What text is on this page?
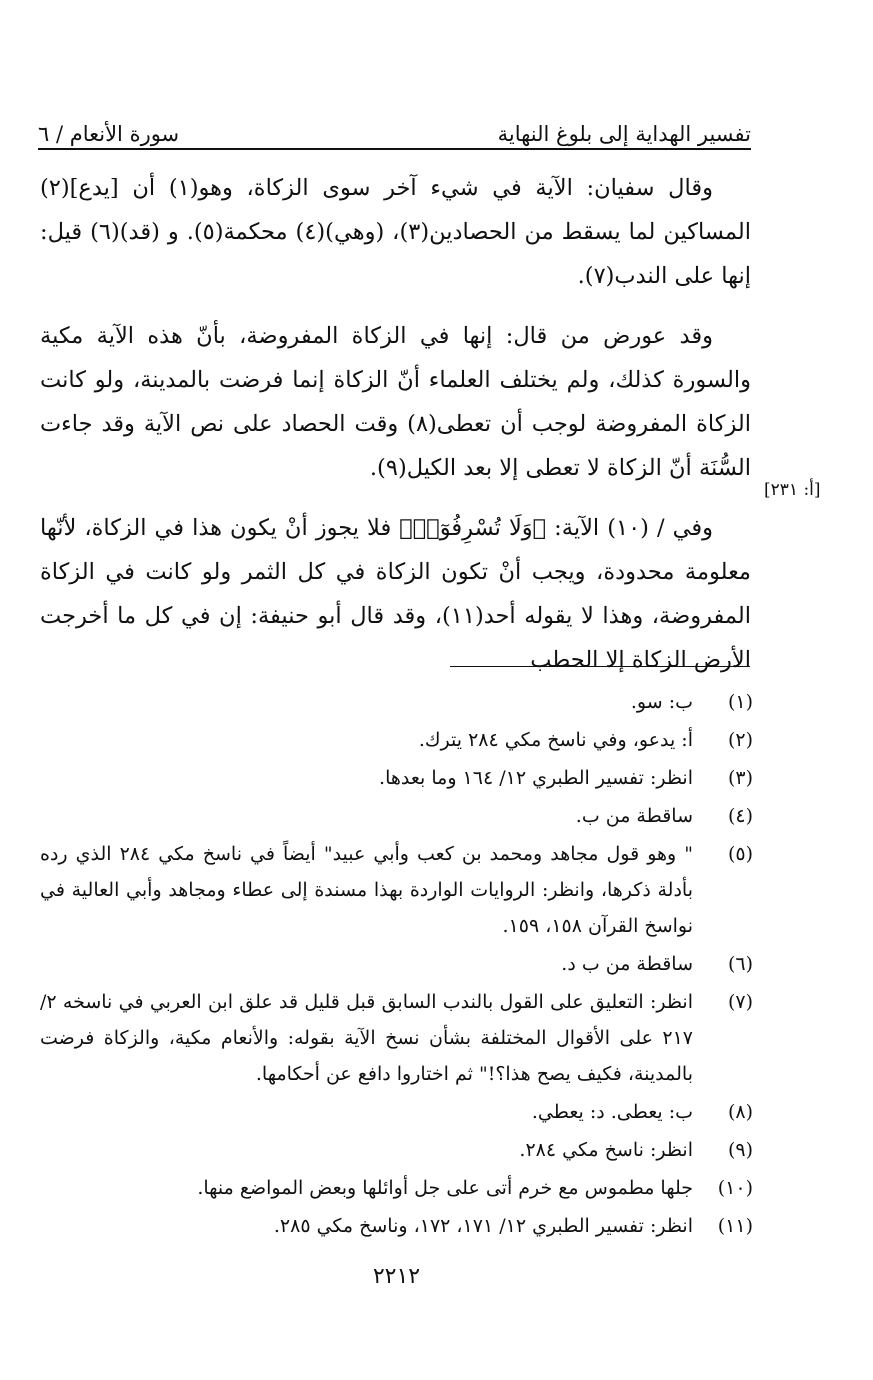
تفسير الهداية إلى بلوغ النهاية
سورة الأنعام / ٦

وقال سفيان: الآية في شيء آخر سوى الزكاة، وهو(١) أن [يدع](٢) المساكين لما يسقط من الحصادين(٣)، (وهي)(٤) محكمة(٥). و (قد)(٦) قيل: إنها على الندب(٧).

وقد عورض من قال: إنها في الزكاة المفروضة، بأنّ هذه الآية مكية والسورة كذلك، ولم يختلف العلماء أنّ الزكاة إنما فرضت بالمدينة، ولو كانت الزكاة المفروضة لوجب أن تعطى(٨) وقت الحصاد على نص الآية وقد جاءت السُّنَة أنّ الزكاة لا تعطى إلا بعد الكيل(٩).

وفي / (١٠) الآية: ﴿وَلَا تُسْرِفُوٓا۟﴾ فلا يجوز أنْ يكون هذا في الزكاة، لأنّها معلومة محدودة، ويجب أنْ تكون الزكاة في كل الثمر ولو كانت في الزكاة المفروضة، وهذا لا يقوله أحد(١١)، وقد قال أبو حنيفة: إن في كل ما أخرجت الأرض الزكاة إلا الحطب

[أ: ٢٣١]
(١)
ب: سو.
(٢)
أ: يدعو، وفي ناسخ مكي ٢٨٤ يترك.
(٣)
انظر: تفسير الطبري ١٢/ ١٦٤ وما بعدها.
(٤)
ساقطة من ب.
(٥)
" وهو قول مجاهد ومحمد بن كعب وأبي عبيد" أيضاً في ناسخ مكي ٢٨٤ الذي رده بأدلة ذكرها، وانظر: الروايات الواردة بهذا مسندة إلى عطاء ومجاهد وأبي العالية في نواسخ القرآن ١٥٨، ١٥٩.
(٦)
ساقطة من ب د.
(٧)
انظر: التعليق على القول بالندب السابق قبل قليل قد علق ابن العربي في ناسخه ٢/ ٢١٧ على الأقوال المختلفة بشأن نسخ الآية بقوله: والأنعام مكية، والزكاة فرضت بالمدينة، فكيف يصح هذا؟!" ثم اختاروا دافع عن أحكامها.
(٨)
ب: يعطى. د: يعطي.
(٩)
انظر: ناسخ مكي ٢٨٤.
(١٠)
جلها مطموس مع خرم أتى على جل أوائلها وبعض المواضع منها.
(١١)
انظر: تفسير الطبري ١٢/ ١٧١، ١٧٢، وناسخ مكي ٢٨٥.
٢٢١٢
